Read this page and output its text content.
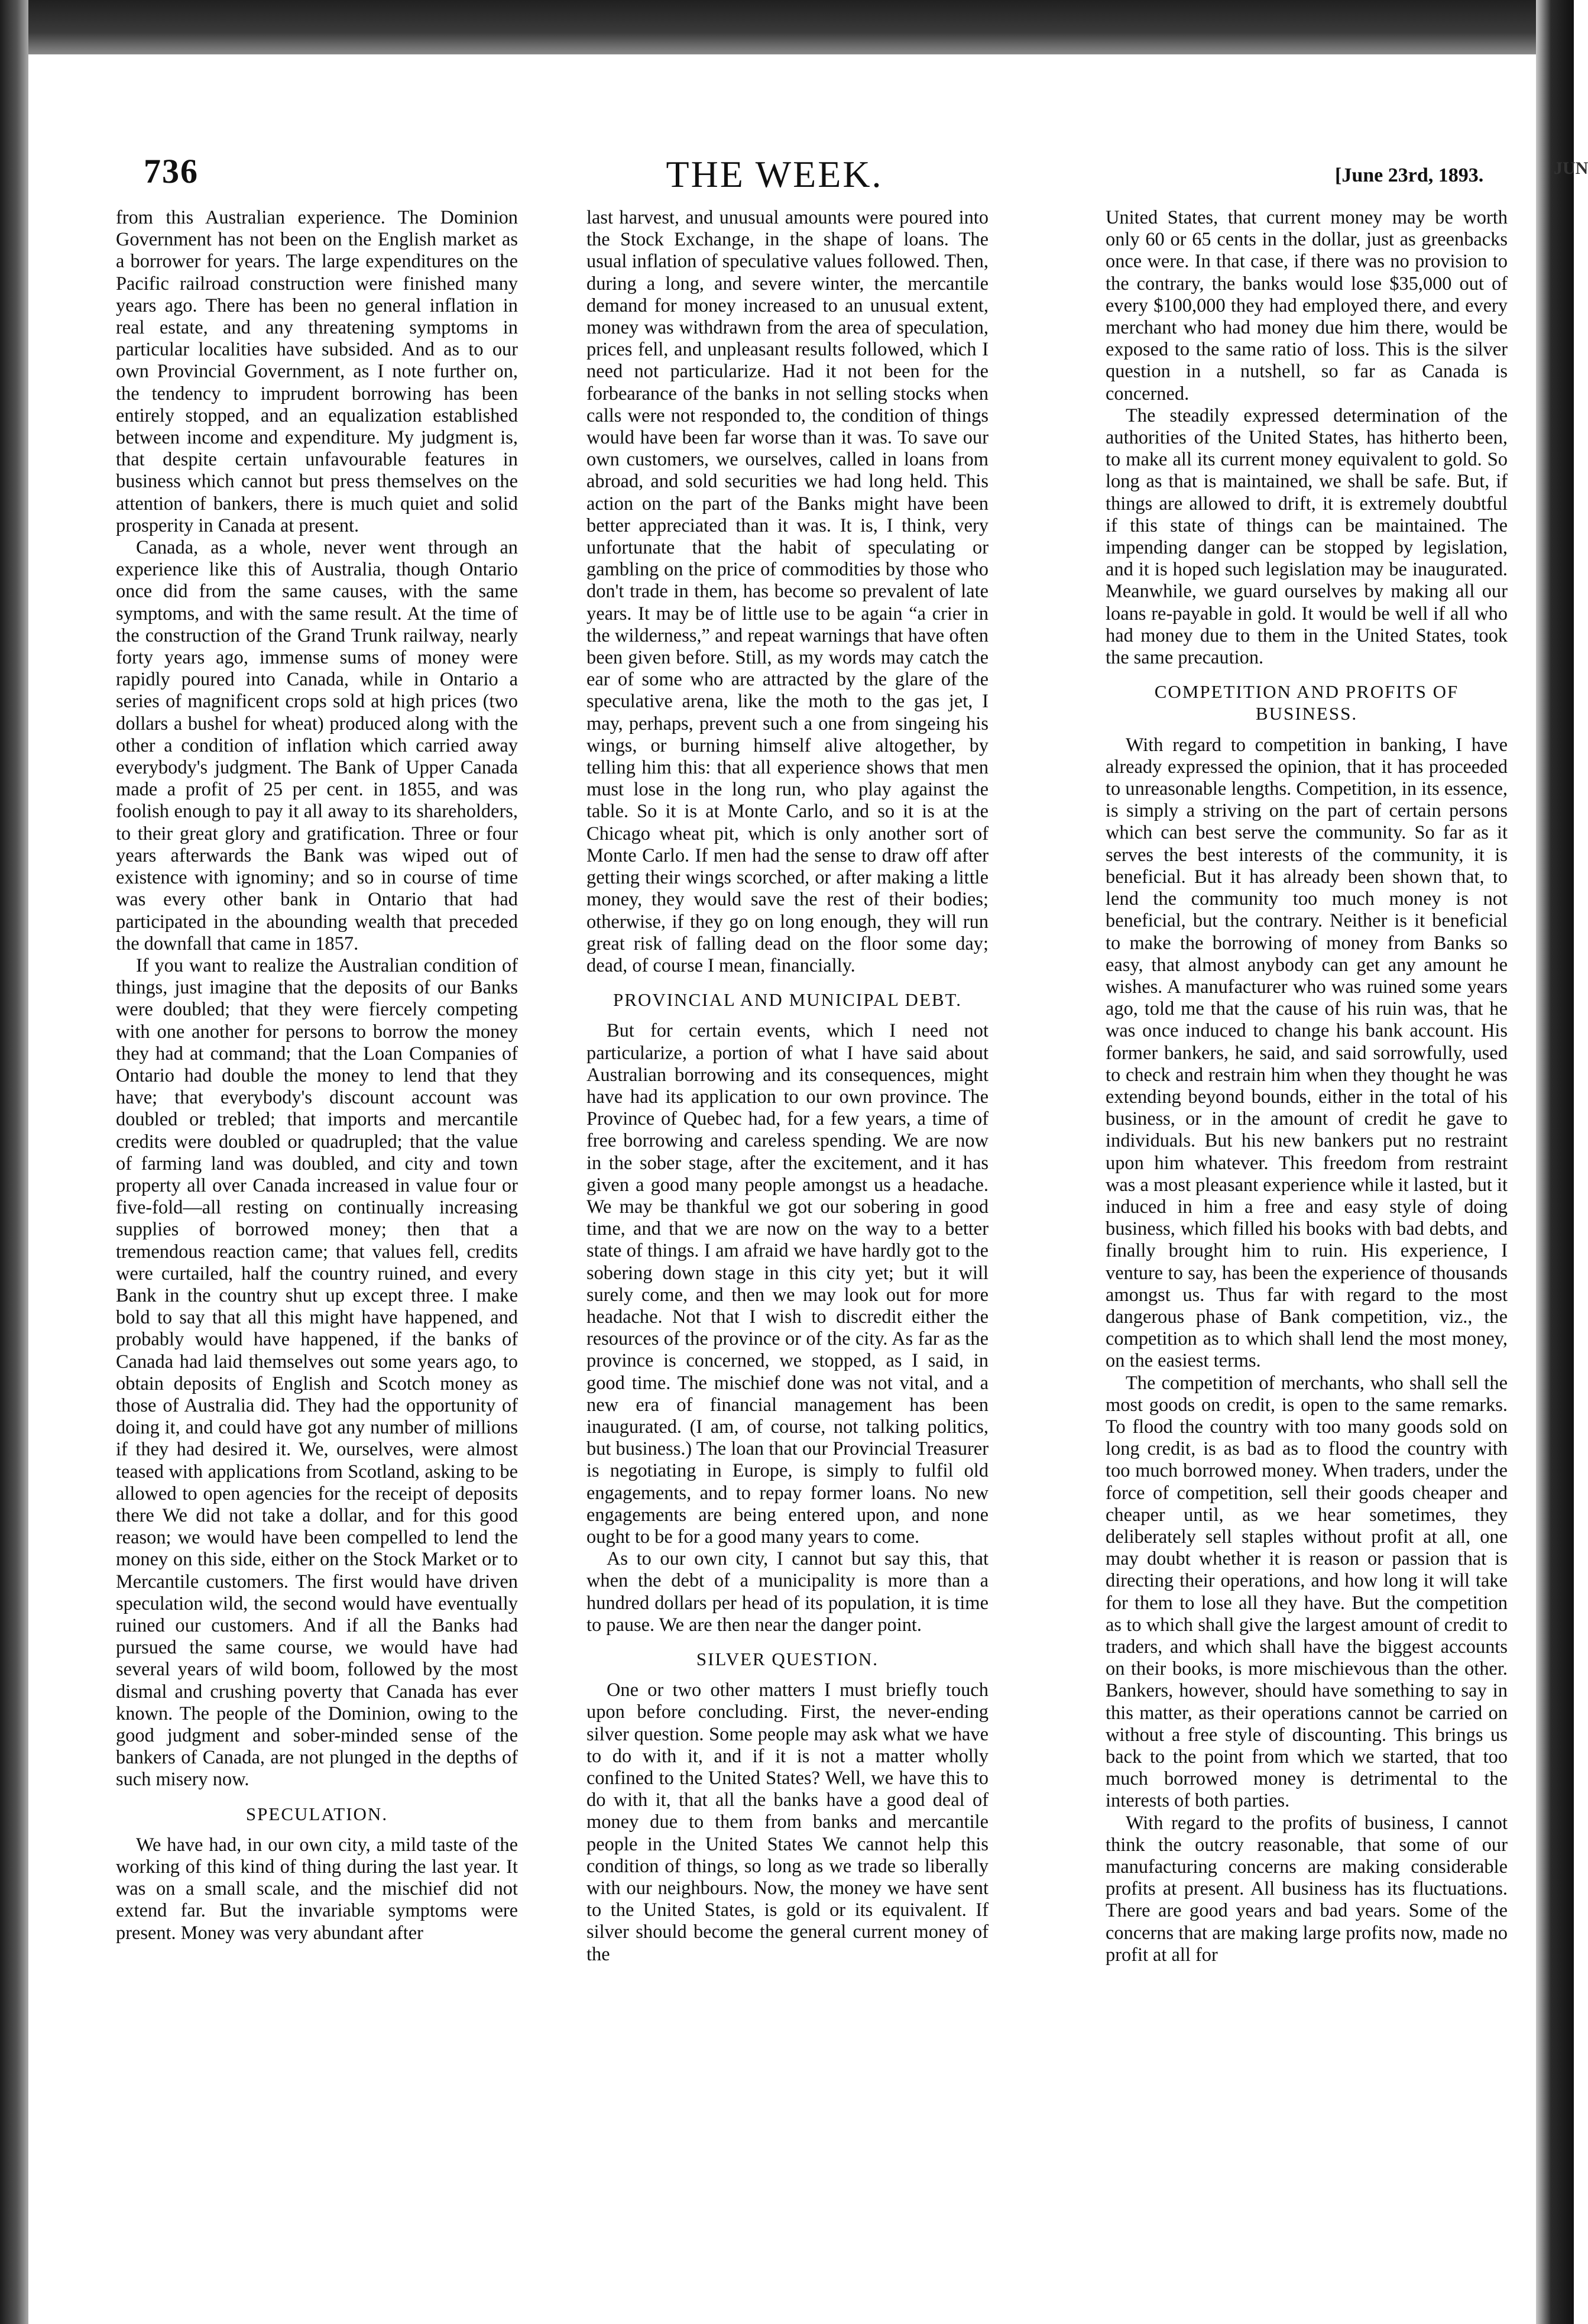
736	THE WEEK.	[June 23rd, 1893.	JUN

from this Australian experience. The Dominion Government has not been on the English market as a borrower for years. The large expenditures on the Pacific railroad construction were finished many years ago. There has been no general inflation in real estate, and any threatening symptoms in particular localities have subsided. And as to our own Provincial Government, as I note further on, the tendency to imprudent borrowing has been entirely stopped, and an equalization established between income and expenditure. My judgment is, that despite certain unfavourable features in business which cannot but press themselves on the attention of bankers, there is much quiet and solid prosperity in Canada at present.

Canada, as a whole, never went through an experience like this of Australia, though Ontario once did from the same causes, with the same symptoms, and with the same result. At the time of the construction of the Grand Trunk railway, nearly forty years ago, immense sums of money were rapidly poured into Canada, while in Ontario a series of magnificent crops sold at high prices (two dollars a bushel for wheat) produced along with the other a condition of inflation which carried away everybody's judgment. The Bank of Upper Canada made a profit of 25 per cent. in 1855, and was foolish enough to pay it all away to its shareholders, to their great glory and gratification. Three or four years afterwards the Bank was wiped out of existence with ignominy; and so in course of time was every other bank in Ontario that had participated in the abounding wealth that preceded the downfall that came in 1857.

If you want to realize the Australian condition of things, just imagine that the deposits of our Banks were doubled; that they were fiercely competing with one another for persons to borrow the money they had at command; that the Loan Companies of Ontario had double the money to lend that they have; that everybody's discount account was doubled or trebled; that imports and mercantile credits were doubled or quadrupled; that the value of farming land was doubled, and city and town property all over Canada increased in value four or five-fold—all resting on continually increasing supplies of borrowed money; then that a tremendous reaction came; that values fell, credits were curtailed, half the country ruined, and every Bank in the country shut up except three. I make bold to say that all this might have happened, and probably would have happened, if the banks of Canada had laid themselves out some years ago, to obtain deposits of English and Scotch money as those of Australia did. They had the opportunity of doing it, and could have got any number of millions if they had desired it. We, ourselves, were almost teased with applications from Scotland, asking to be allowed to open agencies for the receipt of deposits there We did not take a dollar, and for this good reason; we would have been compelled to lend the money on this side, either on the Stock Market or to Mercantile customers. The first would have driven speculation wild, the second would have eventually ruined our customers. And if all the Banks had pursued the same course, we would have had several years of wild boom, followed by the most dismal and crushing poverty that Canada has ever known. The people of the Dominion, owing to the good judgment and sober-minded sense of the bankers of Canada, are not plunged in the depths of such misery now.

SPECULATION.

We have had, in our own city, a mild taste of the working of this kind of thing during the last year. It was on a small scale, and the mischief did not extend far. But the invariable symptoms were present. Money was very abundant after

last harvest, and unusual amounts were poured into the Stock Exchange, in the shape of loans. The usual inflation of speculative values followed. Then, during a long, and severe winter, the mercantile demand for money increased to an unusual extent, money was withdrawn from the area of speculation, prices fell, and unpleasant results followed, which I need not particularize. Had it not been for the forbearance of the banks in not selling stocks when calls were not responded to, the condition of things would have been far worse than it was. To save our own customers, we ourselves, called in loans from abroad, and sold securities we had long held. This action on the part of the Banks might have been better appreciated than it was. It is, I think, very unfortunate that the habit of speculating or gambling on the price of commodities by those who don't trade in them, has become so prevalent of late years. It may be of little use to be again “a crier in the wilderness,” and repeat warnings that have often been given before. Still, as my words may catch the ear of some who are attracted by the glare of the speculative arena, like the moth to the gas jet, I may, perhaps, prevent such a one from singeing his wings, or burning himself alive altogether, by telling him this: that all experience shows that men must lose in the long run, who play against the table. So it is at Monte Carlo, and so it is at the Chicago wheat pit, which is only another sort of Monte Carlo. If men had the sense to draw off after getting their wings scorched, or after making a little money, they would save the rest of their bodies; otherwise, if they go on long enough, they will run great risk of falling dead on the floor some day; dead, of course I mean, financially.

PROVINCIAL AND MUNICIPAL DEBT.

But for certain events, which I need not particularize, a portion of what I have said about Australian borrowing and its consequences, might have had its application to our own province. The Province of Quebec had, for a few years, a time of free borrowing and careless spending. We are now in the sober stage, after the excitement, and it has given a good many people amongst us a headache. We may be thankful we got our sobering in good time, and that we are now on the way to a better state of things. I am afraid we have hardly got to the sobering down stage in this city yet; but it will surely come, and then we may look out for more headache. Not that I wish to discredit either the resources of the province or of the city. As far as the province is concerned, we stopped, as I said, in good time. The mischief done was not vital, and a new era of financial management has been inaugurated. (I am, of course, not talking politics, but business.) The loan that our Provincial Treasurer is negotiating in Europe, is simply to fulfil old engagements, and to repay former loans. No new engagements are being entered upon, and none ought to be for a good many years to come.

As to our own city, I cannot but say this, that when the debt of a municipality is more than a hundred dollars per head of its population, it is time to pause. We are then near the danger point.

SILVER QUESTION.

One or two other matters I must briefly touch upon before concluding. First, the never-ending silver question. Some people may ask what we have to do with it, and if it is not a matter wholly confined to the United States? Well, we have this to do with it, that all the banks have a good deal of money due to them from banks and mercantile people in the United States We cannot help this condition of things, so long as we trade so liberally with our neighbours. Now, the money we have sent to the United States, is gold or its equivalent. If silver should become the general current money of the

United States, that current money may be worth only 60 or 65 cents in the dollar, just as greenbacks once were. In that case, if there was no provision to the contrary, the banks would lose $35,000 out of every $100,000 they had employed there, and every merchant who had money due him there, would be exposed to the same ratio of loss. This is the silver question in a nutshell, so far as Canada is concerned.

The steadily expressed determination of the authorities of the United States, has hitherto been, to make all its current money equivalent to gold. So long as that is maintained, we shall be safe. But, if things are allowed to drift, it is extremely doubtful if this state of things can be maintained. The impending danger can be stopped by legislation, and it is hoped such legislation may be inaugurated. Meanwhile, we guard ourselves by making all our loans re-payable in gold. It would be well if all who had money due to them in the United States, took the same precaution.

COMPETITION AND PROFITS OF BUSINESS.

With regard to competition in banking, I have already expressed the opinion, that it has proceeded to unreasonable lengths. Competition, in its essence, is simply a striving on the part of certain persons which can best serve the community. So far as it serves the best interests of the community, it is beneficial. But it has already been shown that, to lend the community too much money is not beneficial, but the contrary. Neither is it beneficial to make the borrowing of money from Banks so easy, that almost anybody can get any amount he wishes. A manufacturer who was ruined some years ago, told me that the cause of his ruin was, that he was once induced to change his bank account. His former bankers, he said, and said sorrowfully, used to check and restrain him when they thought he was extending beyond bounds, either in the total of his business, or in the amount of credit he gave to individuals. But his new bankers put no restraint upon him whatever. This freedom from restraint was a most pleasant experience while it lasted, but it induced in him a free and easy style of doing business, which filled his books with bad debts, and finally brought him to ruin. His experience, I venture to say, has been the experience of thousands amongst us. Thus far with regard to the most dangerous phase of Bank competition, viz., the competition as to which shall lend the most money, on the easiest terms.

The competition of merchants, who shall sell the most goods on credit, is open to the same remarks. To flood the country with too many goods sold on long credit, is as bad as to flood the country with too much borrowed money. When traders, under the force of competition, sell their goods cheaper and cheaper until, as we hear sometimes, they deliberately sell staples without profit at all, one may doubt whether it is reason or passion that is directing their operations, and how long it will take for them to lose all they have. But the competition as to which shall give the largest amount of credit to traders, and which shall have the biggest accounts on their books, is more mischievous than the other. Bankers, however, should have something to say in this matter, as their operations cannot be carried on without a free style of discounting. This brings us back to the point from which we started, that too much borrowed money is detrimental to the interests of both parties.

With regard to the profits of business, I cannot think the outcry reasonable, that some of our manufacturing concerns are making considerable profits at present. All business has its fluctuations. There are good years and bad years. Some of the concerns that are making large profits now, made no profit at all for
